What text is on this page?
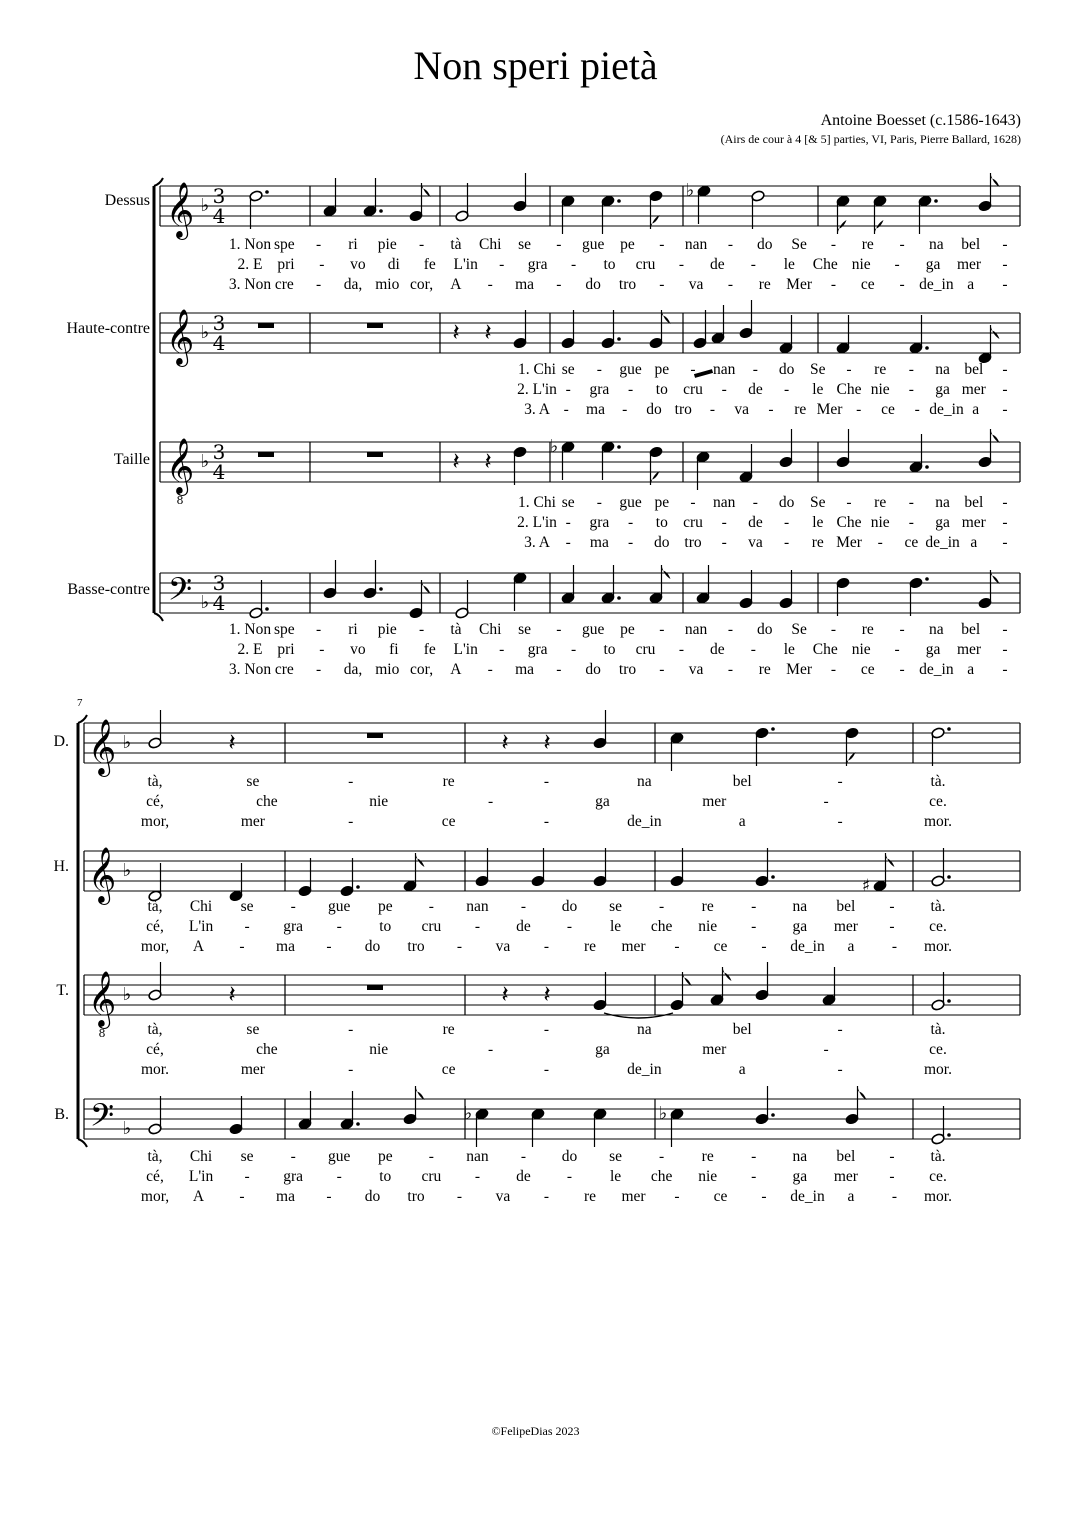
Non speri pietà
Antoine Boesset (c.1586-1643)
(Airs de cour à 4 [& 5] parties, VI, Paris, Pierre Ballard, 1628)
Dessus
Haute-contre
Taille
Basse-contre
D.
H.
T.
B.
7
𝄞 ♭ 3
4
𝄞 ♭ 3
4
𝄞
8
♭ 3
4
𝄢 ♭
3
4
♭
𝄽 𝄽
𝄽 𝄽
♭
𝄞 ♭
𝄞 ♭
𝄞
8
♭
𝄢 ♭
𝄽	𝄽 𝄽
♯
𝄽	𝄽 𝄽
♭	♭
1. Non spe - ri pie - tà Chi se - gue pe - nan - do Se - re - na bel -
2. E pri - vo di fe L'in - gra - to cru - de - le Che nie - ga mer -
3. Non cre - da, mio cor, A - ma - do tro - va - re Mer - ce - de_in a -
1. Chi se - gue pe - nan - do Se - re - na bel -
2. L'in - gra - to cru - de - le Che nie - ga mer -
3. A - ma - do tro - va - re Mer - ce - de_in a -
1. Chi se - gue pe - nan - do Se - re - na bel -
2. L'in - gra - to cru - de - le Che nie - ga mer -
3. A - ma - do tro - va - re Mer - ce de_in a -
1. Non spe - ri pie - tà Chi se - gue pe - nan - do Se - re - na bel -
2. E pri - vo fi fe L'in - gra - to cru - de - le Che nie - ga mer -
3. Non cre - da, mio cor, A - ma - do tro - va - re Mer - ce - de_in a -
tà,	se	-	re	-	na	bel	-	tà.
cé,	che	nie	-	ga	mer	-	ce.
mor,	mer	-	ce	-	de_in	a	-	mor.
tà, Chi se - gue pe - nan - do se - re - na bel - tà.
cé, L'in - gra - to cru - de - le che nie - ga mer - ce.
mor, A - ma - do tro - va - re mer - ce - de_in a - mor.
tà,	se	-	re	-	na	bel	-	tà.
cé,	che	nie	-	ga	mer	-	ce.
mor.	mer	-	ce	-	de_in	a	-	mor.
tà, Chi se - gue pe - nan - do se - re - na bel - tà.
cé, L'in - gra - to cru - de - le che nie - ga mer - ce.
mor, A - ma - do tro - va - re mer - ce - de_in a - mor.
©FelipeDias 2023
